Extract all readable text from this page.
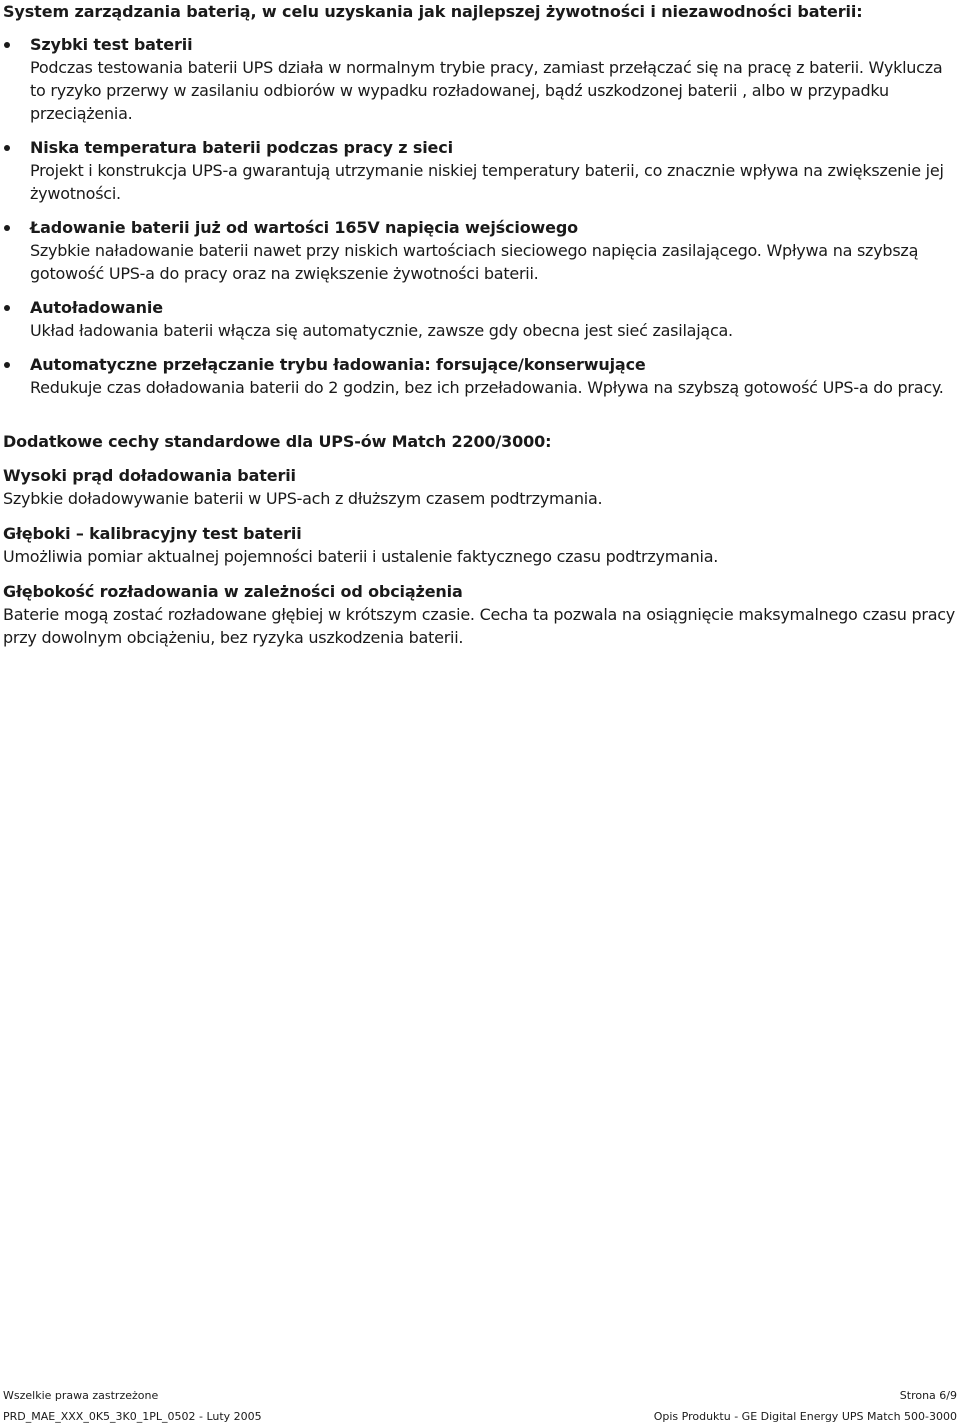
System zarządzania baterią, w celu uzyskania jak najlepszej żywotności i niezawodności baterii:

Szybki test baterii
Podczas testowania baterii UPS działa w normalnym trybie pracy, zamiast przełączać się na pracę z baterii. Wyklucza to ryzyko przerwy w zasilaniu odbiorów w wypadku rozładowanej, bądź uszkodzonej baterii , albo w przypadku przeciążenia.
Niska temperatura baterii podczas pracy z sieci
Projekt i konstrukcja UPS-a gwarantują utrzymanie niskiej temperatury baterii, co znacznie wpływa na zwiększenie jej żywotności.
Ładowanie baterii już od wartości 165V napięcia wejściowego
Szybkie naładowanie baterii nawet przy niskich wartościach sieciowego napięcia zasilającego. Wpływa na szybszą gotowość UPS-a do pracy oraz na zwiększenie żywotności baterii.
Autoładowanie
Układ ładowania baterii włącza się automatycznie, zawsze gdy obecna jest sieć zasilająca.
Automatyczne przełączanie trybu ładowania: forsujące/konserwujące
Redukuje czas doładowania baterii do 2 godzin, bez ich przeładowania. Wpływa na szybszą gotowość UPS-a do pracy.

Dodatkowe cechy standardowe dla UPS-ów Match 2200/3000:

Wysoki prąd doładowania baterii
Szybkie doładowywanie baterii w UPS-ach z dłuższym czasem podtrzymania.
Głęboki – kalibracyjny test baterii
Umożliwia pomiar aktualnej pojemności baterii i ustalenie faktycznego czasu podtrzymania.
Głębokość rozładowania w zależności od obciążenia
Baterie mogą zostać rozładowane głębiej w krótszym czasie. Cecha ta pozwala na osiągnięcie maksymalnego czasu pracy przy dowolnym obciążeniu, bez ryzyka uszkodzenia baterii.
Wszelkie prawa zastrzeżone	Strona 6/9
PRD_MAE_XXX_0K5_3K0_1PL_0502 - Luty 2005	Opis Produktu - GE Digital Energy UPS Match 500-3000
